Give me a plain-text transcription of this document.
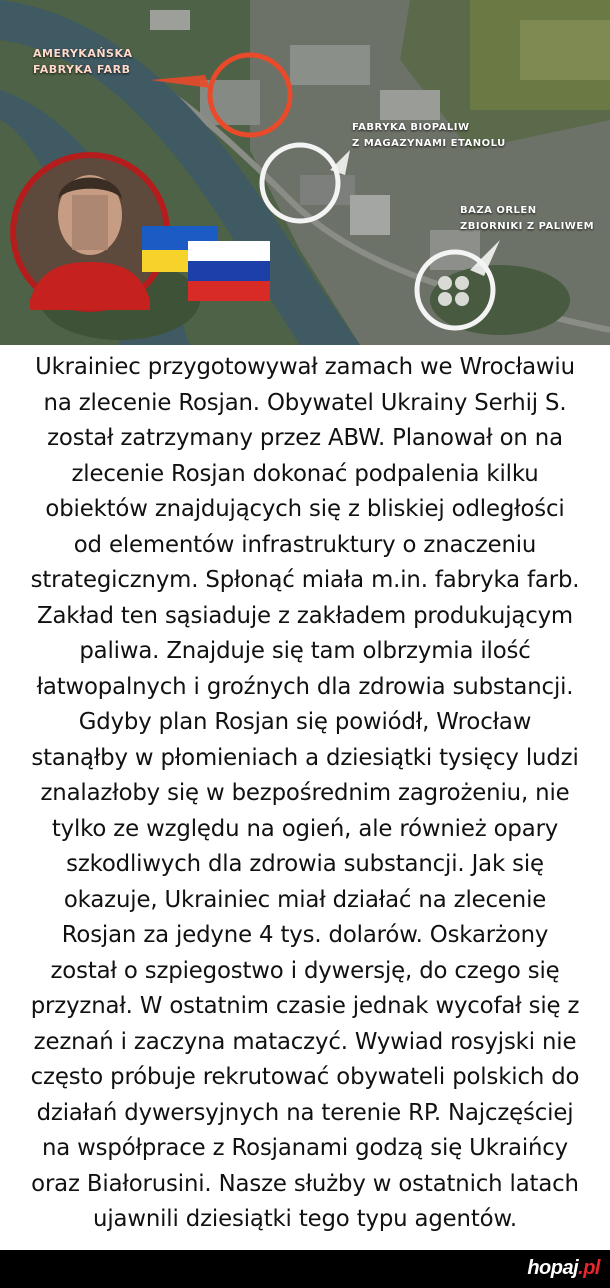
AMERYKAŃSKA
FABRYKA FARB
FABRYKA BIOPALIW
Z MAGAZYNAMI ETANOLU
BAZA ORLEN
ZBIORNIKI Z PALIWEM
Ukrainiec przygotowywał zamach we Wrocławiu
na zlecenie Rosjan. Obywatel Ukrainy Serhij S.
został zatrzymany przez ABW. Planował on na
zlecenie Rosjan dokonać podpalenia kilku
obiektów znajdujących się z bliskiej odległości
od elementów infrastruktury o znaczeniu
strategicznym. Spłonąć miała m.in. fabryka farb.
Zakład ten sąsiaduje z zakładem produkującym
paliwa. Znajduje się tam olbrzymia ilość
łatwopalnych i groźnych dla zdrowia substancji.
Gdyby plan Rosjan się powiódł, Wrocław
stanąłby w płomieniach a dziesiątki tysięcy ludzi
znalazłoby się w bezpośrednim zagrożeniu, nie
tylko ze względu na ogień, ale również opary
szkodliwych dla zdrowia substancji. Jak się
okazuje, Ukrainiec miał działać na zlecenie
Rosjan za jedyne 4 tys. dolarów. Oskarżony
został o szpiegostwo i dywersję, do czego się
przyznał. W ostatnim czasie jednak wycofał się z
zeznań i zaczyna mataczyć. Wywiad rosyjski nie
często próbuje rekrutować obywateli polskich do
działań dywersyjnych na terenie RP. Najczęściej
na współprace z Rosjanami godzą się Ukraińcy
oraz Białorusini. Nasze służby w ostatnich latach
ujawnili dziesiątki tego typu agentów.
hopaj.pl
